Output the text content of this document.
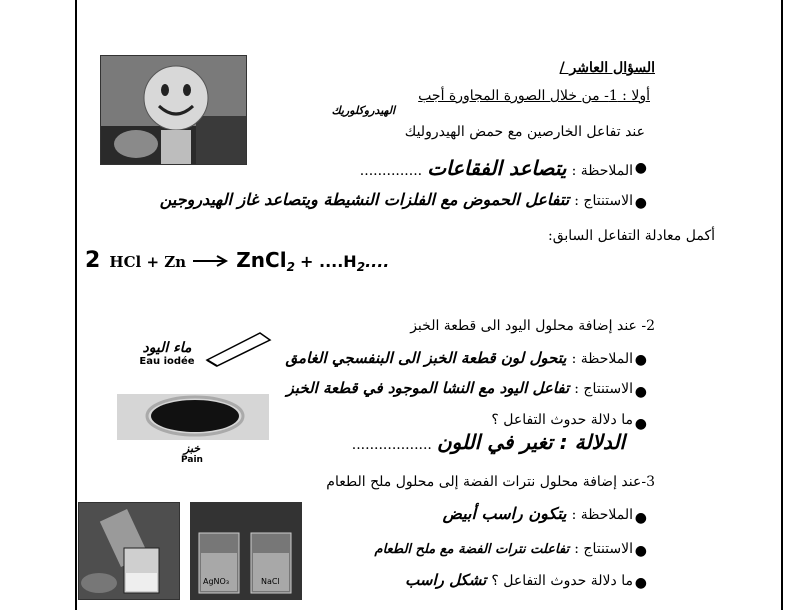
السؤال العاشر /
الهيدروكلوريك
أولا : 1- من خلال الصورة المجاورة أجب
عند تفاعل الخارصين مع حمض الهيدروليك
الملاحظة : يتصاعد الفقاعات ..............	●
الاستنتاج : تتفاعل الحموض مع الفلزات النشيطة ويتصاعد غاز الهيدروجين	●
أكمل معادلة التفاعل السابق:
2 HCl + Zn	ZnCl$_2$ + $....H_2$....
2- عند إضافة محلول اليود الى قطعة الخبز
ماء اليود
Eau iodée	الملاحظة : يتحول لون قطعة الخبز الى البنفسجي الغامق	●
الاستنتاج : تفاعل اليود مع النشا الموجود في قطعة الخبز	●
خبز
Pain
ما دلالة حدوث التفاعل ؟ ●
الدلالة : تغير في اللون ..................
3-عند إضافة محلول نترات الفضة إلى محلول ملح الطعام
AgNO₃	NaCl
الملاحظة : يتكون راسب أبيض	●
الاستنتاج : تفاعلت نترات الفضة مع ملح الطعام	●
ما دلالة حدوث التفاعل ؟ تشكل راسب	●
